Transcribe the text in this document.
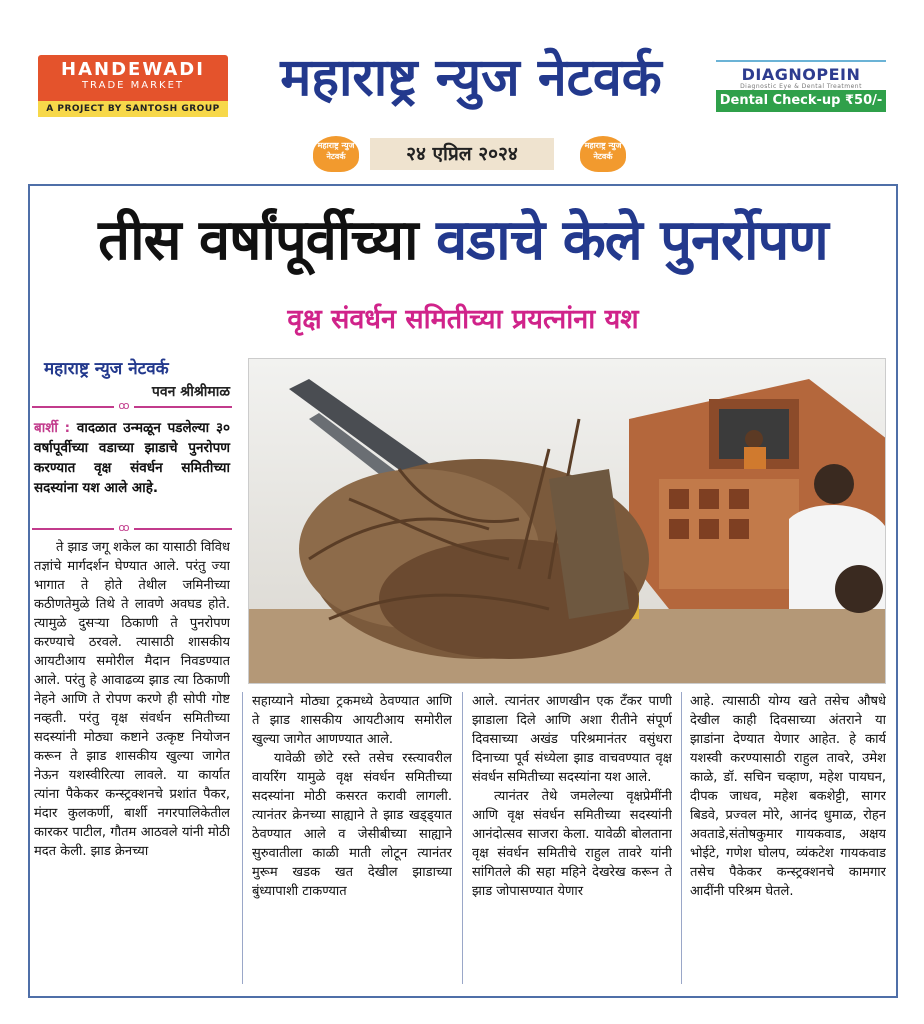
HANDEWADI
TRADE MARKET
A PROJECT BY SANTOSH GROUP
महाराष्ट्र न्युज नेटवर्क	DIAGNOPEIN
Diagnostic Eye & Dental Treatment
Dental Check-up ₹50/-
महाराष्ट्र न्युज नेटवर्क	२४ एप्रिल २०२४	महाराष्ट्र न्युज नेटवर्क
तीस वर्षांपूर्वीच्या वडाचे केले पुनर्रोपण
वृक्ष संवर्धन समितीच्या प्रयत्नांना यश
महाराष्ट्र न्युज नेटवर्क
पवन श्रीश्रीमाळ
ꝏ
बार्शी : वादळात उन्मळून पडलेल्या ३० वर्षापूर्वीच्या वडाच्या झाडाचे पुनरोपण करण्यात वृक्ष संवर्धन समितीच्या सदस्यांना यश आले आहे.
ꝏ

ते झाड जगू शकेल का यासाठी विविध तज्ञांचे मार्गदर्शन घेण्यात आले. परंतु ज्या भागात ते होते तेथील जमिनीच्या कठीणतेमुळे तिथे ते लावणे अवघड होते. त्यामुळे दुसऱ्या ठिकाणी ते पुनरोपण करण्याचे ठरवले. त्यासाठी शासकीय आयटीआय समोरील मैदान निवडण्यात आले. परंतु हे आवाढव्य झाड त्या ठिकाणी नेहने आणि ते रोपण करणे ही सोपी गोष्ट नव्हती. परंतु वृक्ष संवर्धन समितीच्या सदस्यांनी मोठ्या कष्टाने उत्कृष्ट नियोजन करून ते झाड शासकीय खुल्या जागेत नेऊन यशस्वीरित्या लावले. या कार्यात त्यांना पैकेकर कन्स्ट्रक्शनचे प्रशांत पैकर, मंदार कुलकर्णी, बार्शी नगरपालिकेतील कारकर पाटील, गौतम आठवले यांनी मोठी मदत केली. झाड क्रेनच्या

सहाय्याने मोठ्या ट्रकमध्ये ठेवण्यात आणि ते झाड शासकीय आयटीआय समोरील खुल्या जागेत आणण्यात आले.

यावेळी छोटे रस्ते तसेच रस्त्यावरील वायरिंग यामुळे वृक्ष संवर्धन समितीच्या सदस्यांना मोठी कसरत करावी लागली. त्यानंतर क्रेनच्या साह्याने ते झाड खड्ड्यात ठेवण्यात आले व जेसीबीच्या साह्याने सुरुवातीला काळी माती लोटून त्यानंतर मुरूम खडक खत देखील झाडाच्या बुंध्यापाशी टाकण्यात

आले. त्यानंतर आणखीन एक टँकर पाणी झाडाला दिले आणि अशा रीतीने संपूर्ण दिवसाच्या अखंड परिश्रमानंतर वसुंधरा दिनाच्या पूर्व संध्येला झाड वाचवण्यात वृक्ष संवर्धन समितीच्या सदस्यांना यश आले.

त्यानंतर तेथे जमलेल्या वृक्षप्रेमींनी आणि वृक्ष संवर्धन समितीच्या सदस्यांनी आनंदोत्सव साजरा केला. यावेळी बोलताना वृक्ष संवर्धन समितीचे राहुल तावरे यांनी सांगितले की सहा महिने देखरेख करून ते झाड जोपासण्यात येणार

आहे. त्यासाठी योग्य खते तसेच औषधे देखील काही दिवसाच्या अंतराने या झाडांना देण्यात येणार आहेत. हे कार्य यशस्वी करण्यासाठी राहुल तावरे, उमेश काळे, डॉ. सचिन चव्हाण, महेश पायघन, दीपक जाधव, महेश बकशेट्टी, सागर बिडवे, प्रज्वल मोरे, आनंद धुमाळ, रोहन अवताडे,संतोषकुमार गायकवाड, अक्षय भोईटे, गणेश घोलप, व्यंकटेश गायकवाड तसेच पैकेकर कन्स्ट्रक्शनचे कामगार आदींनी परिश्रम घेतले.
